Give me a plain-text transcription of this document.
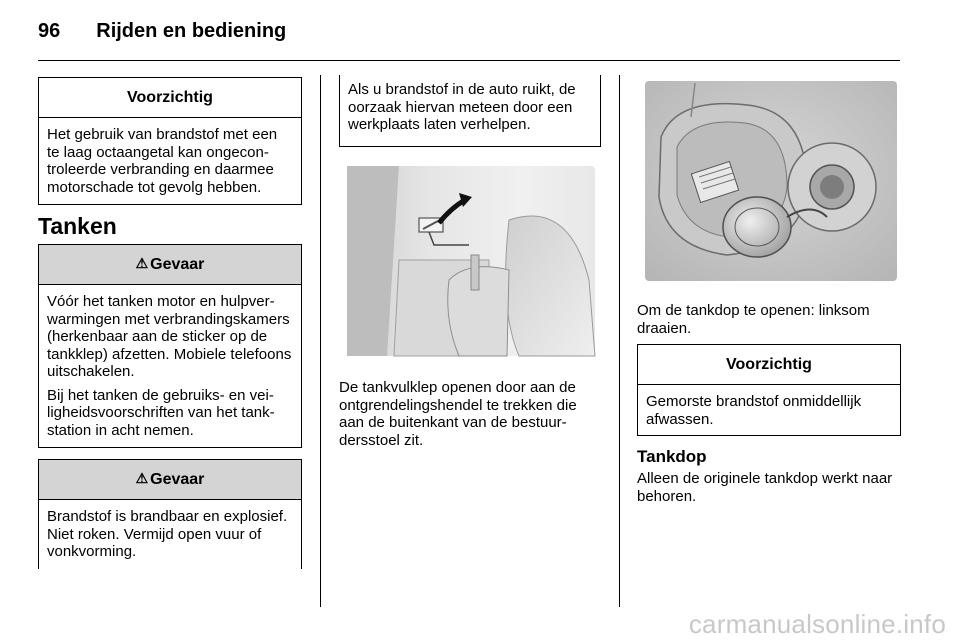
96 Rijden en bediening
Voorzichtig
Het gebruik van brandstof met een te laag octaangetal kan ongecontroleerde verbranding en daarmee motorschade tot gevolg hebben.
Tanken
⚠ Gevaar

Vóór het tanken motor en hulpverwarmingen met verbrandingskamers (herkenbaar aan de sticker op de tankklep) afzetten. Mobiele telefoons uitschakelen.

Bij het tanken de gebruiks- en veiligheidsvoorschriften van het tankstation in acht nemen.

⚠ Gevaar
Brandstof is brandbaar en explosief. Niet roken. Vermijd open vuur of vonkvorming.
Als u brandstof in de auto ruikt, de oorzaak hiervan meteen door een werkplaats laten verhelpen.
De tankvulklep openen door aan de ontgrendelingshendel te trekken die aan de buitenkant van de bestuurdersstoel zit.
Om de tankdop te openen: linksom draaien.
Voorzichtig
Gemorste brandstof onmiddellijk afwassen.
Tankdop
Alleen de originele tankdop werkt naar behoren.
carmanualsonline.info
